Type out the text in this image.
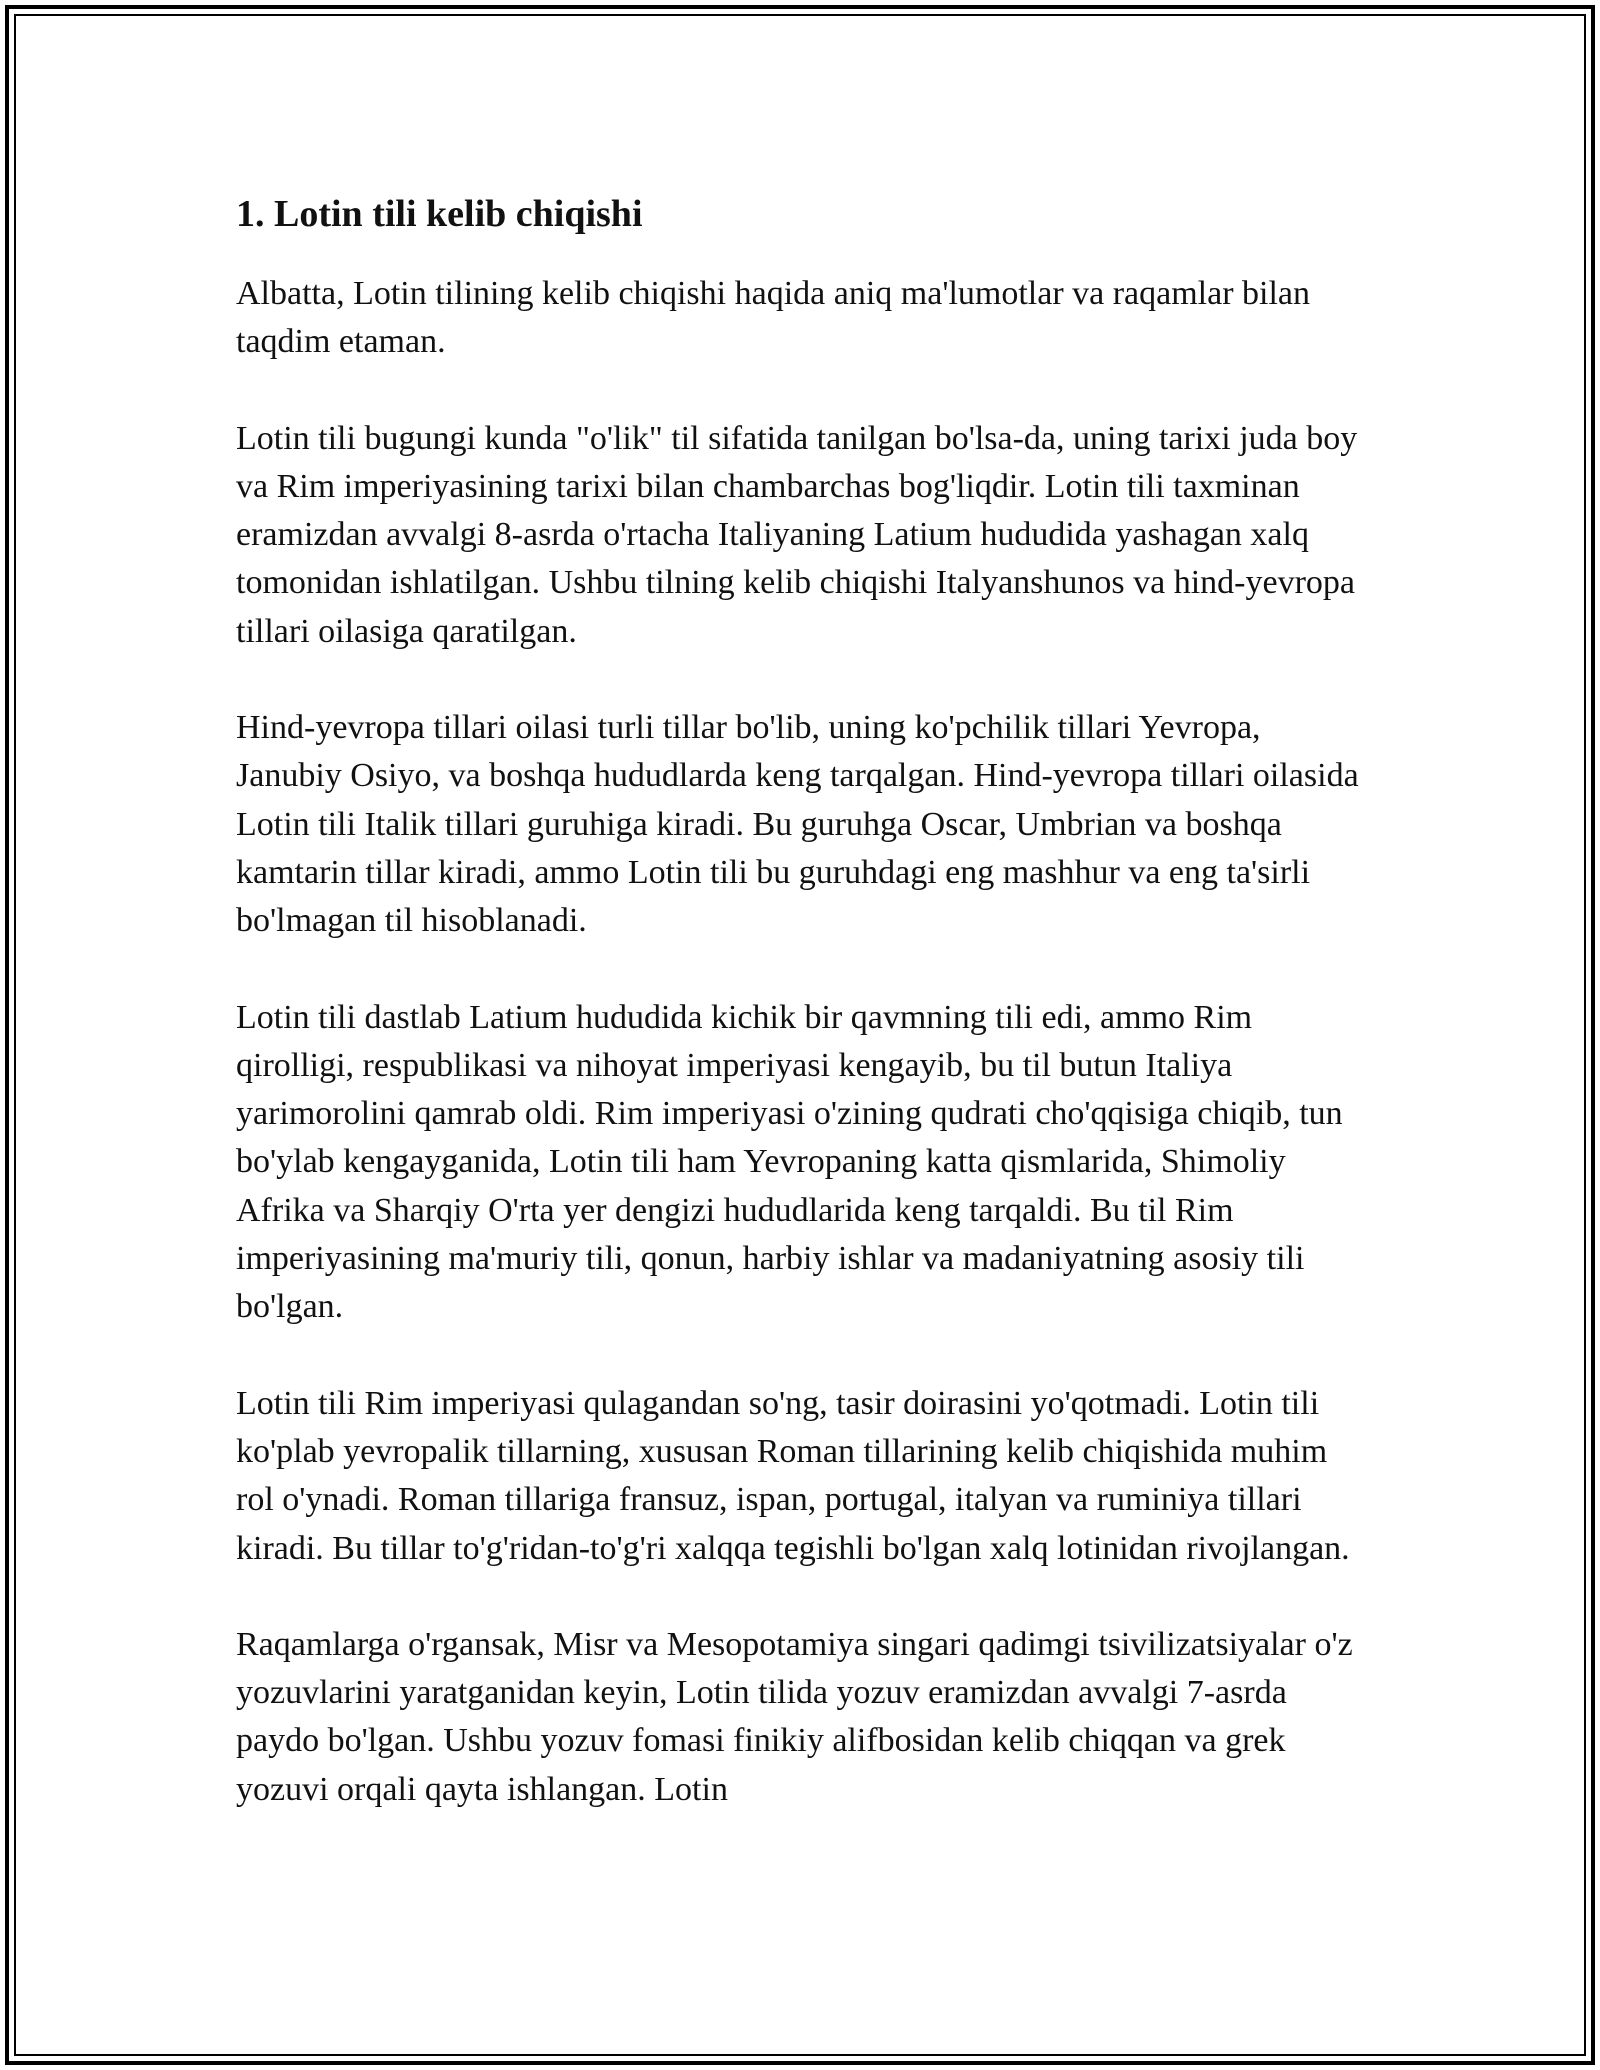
1. Lotin tili kelib chiqishi

Albatta, Lotin tilining kelib chiqishi haqida aniq ma'lumotlar va raqamlar bilan taqdim etaman.

Lotin tili bugungi kunda "o'lik" til sifatida tanilgan bo'lsa-da, uning tarixi juda boy va Rim imperiyasining tarixi bilan chambarchas bog'liqdir. Lotin tili taxminan eramizdan avvalgi 8-asrda o'rtacha Italiyaning Latium hududida yashagan xalq tomonidan ishlatilgan. Ushbu tilning kelib chiqishi Italyanshunos va hind-yevropa tillari oilasiga qaratilgan.

Hind-yevropa tillari oilasi turli tillar bo'lib, uning ko'pchilik tillari Yevropa, Janubiy Osiyo, va boshqa hududlarda keng tarqalgan. Hind-yevropa tillari oilasida Lotin tili Italik tillari guruhiga kiradi. Bu guruhga Oscar, Umbrian va boshqa kamtarin tillar kiradi, ammo Lotin tili bu guruhdagi eng mashhur va eng ta'sirli bo'lmagan til hisoblanadi.

Lotin tili dastlab Latium hududida kichik bir qavmning tili edi, ammo Rim qirolligi, respublikasi va nihoyat imperiyasi kengayib, bu til butun Italiya yarimorolini qamrab oldi. Rim imperiyasi o'zining qudrati cho'qqisiga chiqib, tun bo'ylab kengayganida, Lotin tili ham Yevropaning katta qismlarida, Shimoliy Afrika va Sharqiy O'rta yer dengizi hududlarida keng tarqaldi. Bu til Rim imperiyasining ma'muriy tili, qonun, harbiy ishlar va madaniyatning asosiy tili bo'lgan.

Lotin tili Rim imperiyasi qulagandan so'ng, tasir doirasini yo'qotmadi. Lotin tili ko'plab yevropalik tillarning, xususan Roman tillarining kelib chiqishida muhim rol o'ynadi. Roman tillariga fransuz, ispan, portugal, italyan va ruminiya tillari kiradi. Bu tillar to'g'ridan-to'g'ri xalqqa tegishli bo'lgan xalq lotinidan rivojlangan.

Raqamlarga o'rgansak, Misr va Mesopotamiya singari qadimgi tsivilizatsiyalar o'z yozuvlarini yaratganidan keyin, Lotin tilida yozuv eramizdan avvalgi 7-asrda paydo bo'lgan. Ushbu yozuv fomasi finikiy alifbosidan kelib chiqqan va grek yozuvi orqali qayta ishlangan. Lotin
